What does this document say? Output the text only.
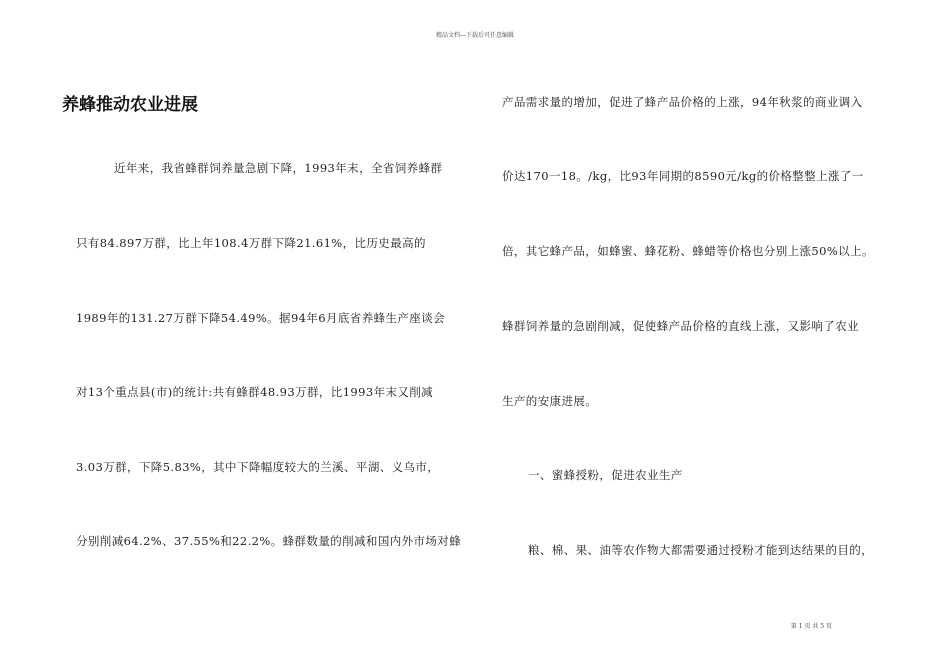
精品文档---下载后可任意编辑
养蜂推动农业进展
近年来，我省蜂群饲养量急剧下降，1993年末，全省饲养蜂群
只有84.897万群，比上年108.4万群下降21.61%，比历史最高的
1989年的131.27万群下降54.49%。据94年6月底省养蜂生产座谈会
对13个重点县(市)的统计:共有蜂群48.93万群，比1993年末又削减
3.03万群，下降5.83%，其中下降幅度较大的兰溪、平湖、义乌市，
分别削减64.2%、37.55%和22.2%。蜂群数量的削减和国内外市场对蜂
产品需求量的增加，促进了蜂产品价格的上涨，94年秋浆的商业调入
价达170一18。/kg，比93年同期的8590元/kg的价格整整上涨了一
倍，其它蜂产品，如蜂蜜、蜂花粉、蜂蜡等价格也分别上涨50%以上。
蜂群饲养量的急剧削减，促使蜂产品价格的直线上涨，又影响了农业
生产的安康进展。
一、蜜蜂授粉，促进农业生产
粮、棉、果、油等农作物大都需要通过授粉才能到达结果的目的，
第 1 页 共 5 页
